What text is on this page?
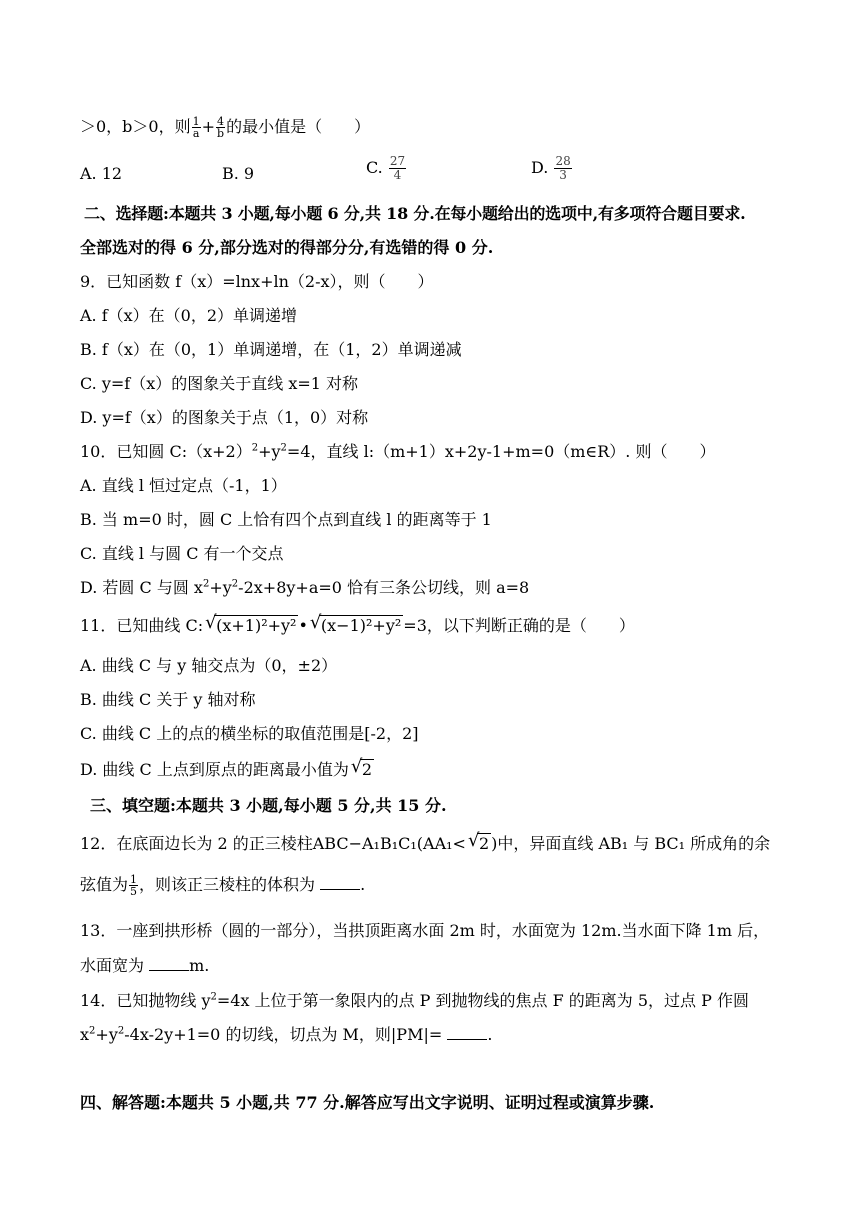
＞0，b＞0，则 $\frac{1}{a} + \frac{4}{b}$ 的最小值是（　　）
A. 12	B. 9	C. $\frac{27}{4}$	D. $\frac{28}{3}$
二、选择题:本题共 3 小题,每小题 6 分,共 18 分.在每小题给出的选项中,有多项符合题目要求.
全部选对的得 6 分,部分选对的得部分分,有选错的得 0 分.
9．已知函数 f（x）=lnx+ln（2-x），则（　　）
A. f（x）在（0，2）单调递增
B. f（x）在（0，1）单调递增，在（1，2）单调递减
C. y=f（x）的图象关于直线 x=1 对称
D. y=f（x）的图象关于点（1，0）对称
10．已知圆 $C:(x+2)^2+y^2=4$，直线 l:（m+1）x+2y-1+m=0（m∈R）. 则（　　）
A. 直线 l 恒过定点（-1，1）
B. 当 m=0 时，圆 C 上恰有四个点到直线 l 的距离等于 1
C. 直线 l 与圆 C 有一个交点
D. 若圆 C 与圆 $x^2+y^2-2x+8y+a=0$ 恰有三条公切线，则 a=8
11．已知曲线 C: √ (x+1)²+y² • √ (x−1)²+y² =3，以下判断正确的是（　　）
A. 曲线 C 与 y 轴交点为（0，±2）
B. 曲线 C 关于 y 轴对称
C. 曲线 C 上的点的横坐标的取值范围是[-2，2]
D. 曲线 C 上点到原点的距离最小值为 √ 2
三、填空题:本题共 3 小题,每小题 5 分,共 15 分.
12．在底面边长为 2 的正三棱柱ABC−A₁B₁C₁(AA₁< √ 2 )中，异面直线 AB₁ 与 BC₁ 所成角的余
弦值为 $\frac{1}{5}$ ，则该正三棱柱的体积为	.
13．一座到拱形桥（圆的一部分），当拱顶距离水面 2m 时，水面宽为 12m.当水面下降 1m 后，
水面宽为	m.
14．已知抛物线 $y^2=4x$ 上位于第一象限内的点 P 到抛物线的焦点 F 的距离为 5，过点 P 作圆
$x^2+y^2-4x-2y+1=0$ 的切线，切点为 M，则|PM|=	.
四、解答题:本题共 5 小题,共 77 分.解答应写出文字说明、证明过程或演算步骤.
